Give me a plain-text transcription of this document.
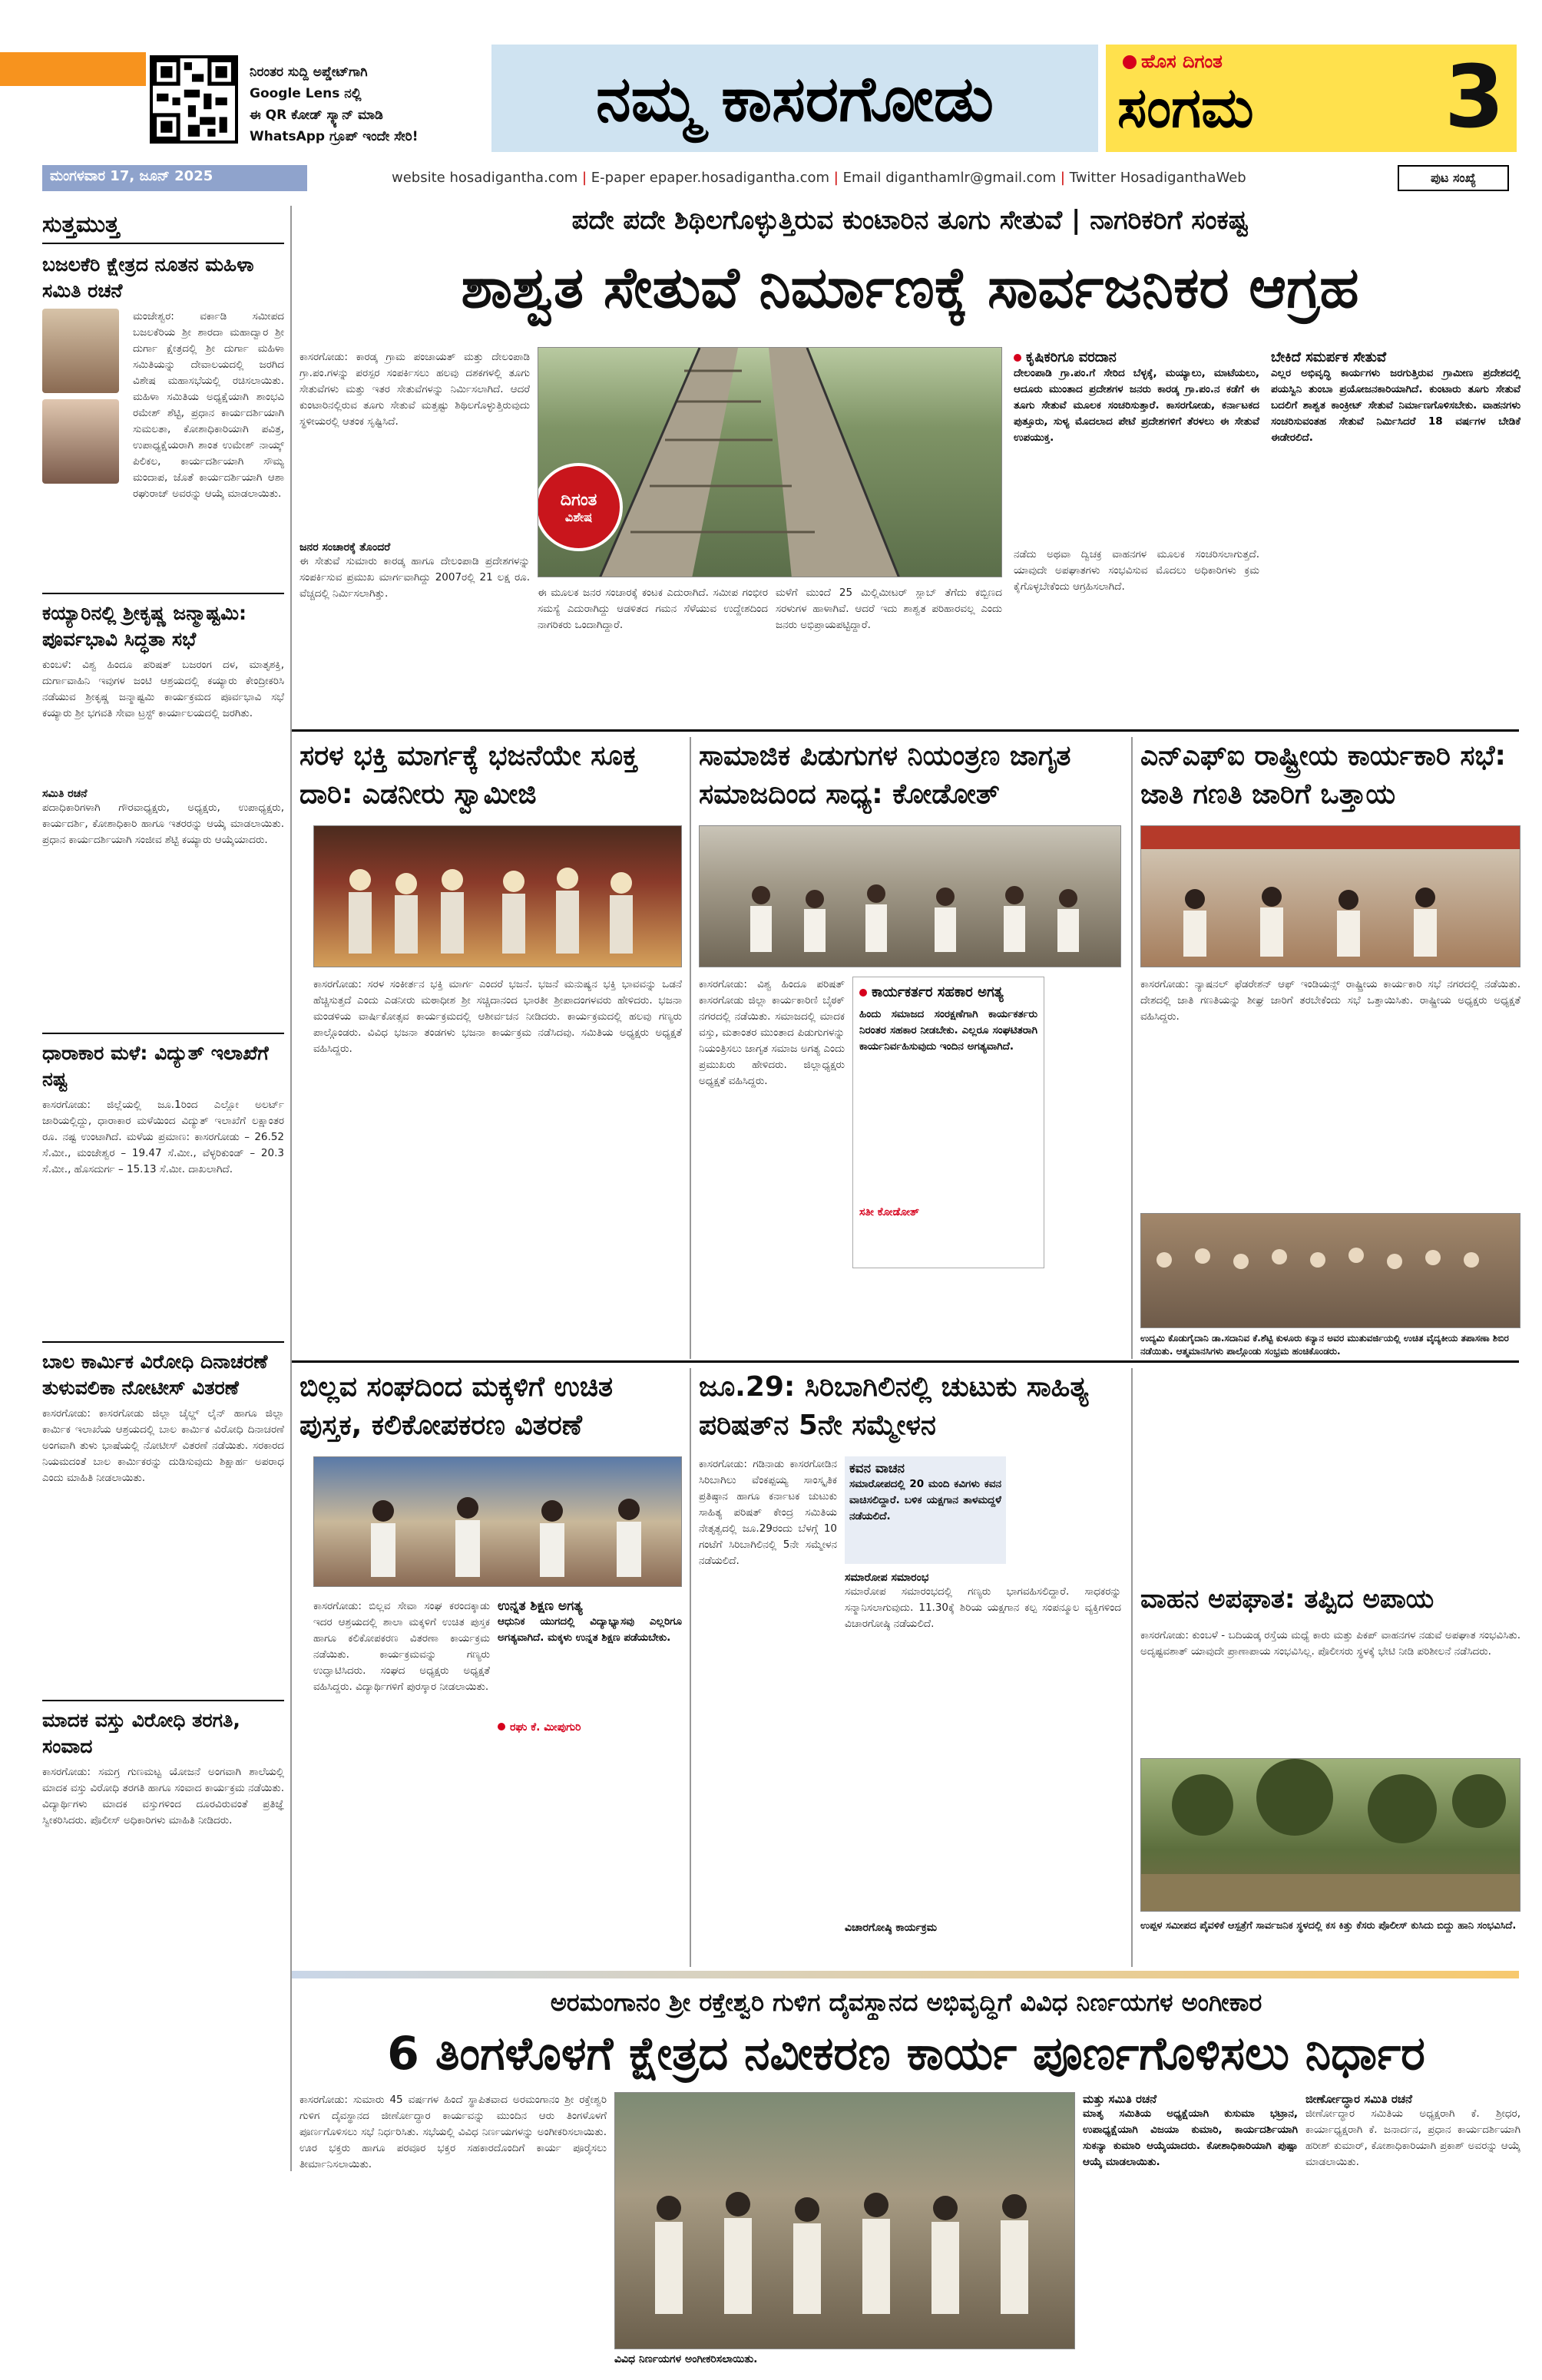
ನಿರಂತರ ಸುದ್ದಿ ಅಪ್ಡೇಟ್‌ಗಾಗಿ
Google Lens ನಲ್ಲಿ
ಈ QR ಕೋಡ್ ಸ್ಕ್ಯಾನ್ ಮಾಡಿ
WhatsApp ಗ್ರೂಪ್ ಇಂದೇ ಸೇರಿ!
ನಮ್ಮ ಕಾಸರಗೋಡು
ಹೊಸ ದಿಗಂತ
ಸಂಗಮ 3
ಮಂಗಳವಾರ 17, ಜೂನ್ 2025	website hosadigantha.com | E-paper epaper.hosadigantha.com | Email diganthamlr@gmail.com | Twitter HosadiganthaWeb	ಪುಟ ಸಂಖ್ಯೆ
ಸುತ್ತಮುತ್ತ
ಬಜಲಕೆರಿ ಕ್ಷೇತ್ರದ ನೂತನ ಮಹಿಳಾ ಸಮಿತಿ ರಚನೆ
ಮಂಜೇಶ್ವರ: ವರ್ಕಾಡಿ ಸಮೀಪದ ಬಜಲಕೆರಿಯ ಶ್ರೀ ಶಾರದಾ ಮಹಾದ್ವಾರ ಶ್ರೀ ದುರ್ಗಾ ಕ್ಷೇತ್ರದಲ್ಲಿ ಶ್ರೀ ದುರ್ಗಾ ಮಹಿಳಾ ಸಮಿತಿಯನ್ನು ದೇವಾಲಯದಲ್ಲಿ ಜರಗಿದ ವಿಶೇಷ ಮಹಾಸಭೆಯಲ್ಲಿ ರಚಿಸಲಾಯಿತು. ಮಹಿಳಾ ಸಮಿತಿಯ ಅಧ್ಯಕ್ಷೆಯಾಗಿ ಶಾಂಭವಿ ರಮೇಶ್ ಶೆಟ್ಟಿ, ಪ್ರಧಾನ ಕಾರ್ಯದರ್ಶಿಯಾಗಿ ಸುಮಲತಾ, ಕೋಶಾಧಿಕಾರಿಯಾಗಿ ಪವಿತ್ರ, ಉಪಾಧ್ಯಕ್ಷೆಯರಾಗಿ ಶಾಂತ ಉಮೇಶ್ ನಾಯ್ಕ್ ಪಿಲಿಕಲ, ಕಾರ್ಯದರ್ಶಿಯಾಗಿ ಸೌಮ್ಯ ಮಂದಾಪ, ಜೊತೆ ಕಾರ್ಯದರ್ಶಿಯಾಗಿ ಆಶಾ ರಘುರಾಜ್ ಅವರನ್ನು ಆಯ್ಕೆ ಮಾಡಲಾಯಿತು.
ಕಯ್ಯಾರಿನಲ್ಲಿ ಶ್ರೀಕೃಷ್ಣ ಜನ್ಮಾಷ್ಟಮಿ: ಪೂರ್ವಭಾವಿ ಸಿದ್ಧತಾ ಸಭೆ
ಕುಂಬಳೆ: ವಿಶ್ವ ಹಿಂದೂ ಪರಿಷತ್ ಬಜರಂಗ ದಳ, ಮಾತೃಶಕ್ತಿ, ದುರ್ಗಾವಾಹಿನಿ ಇವುಗಳ ಜಂಟಿ ಆಶ್ರಯದಲ್ಲಿ ಕಯ್ಯಾರು ಕೇಂದ್ರೀಕರಿಸಿ ನಡೆಯುವ ಶ್ರೀಕೃಷ್ಣ ಜನ್ಮಾಷ್ಟಮಿ ಕಾರ್ಯಕ್ರಮದ ಪೂರ್ವಭಾವಿ ಸಭೆ ಕಯ್ಯಾರು ಶ್ರೀ ಭಗವತಿ ಸೇವಾ ಟ್ರಸ್ಟ್ ಕಾರ್ಯಾಲಯದಲ್ಲಿ ಜರಗಿತು.
ಸಮಿತಿ ರಚನೆ
ಪದಾಧಿಕಾರಿಗಳಾಗಿ ಗೌರವಾಧ್ಯಕ್ಷರು, ಅಧ್ಯಕ್ಷರು, ಉಪಾಧ್ಯಕ್ಷರು, ಕಾರ್ಯದರ್ಶಿ, ಕೋಶಾಧಿಕಾರಿ ಹಾಗೂ ಇತರರನ್ನು ಆಯ್ಕೆ ಮಾಡಲಾಯಿತು. ಪ್ರಧಾನ ಕಾರ್ಯದರ್ಶಿಯಾಗಿ ಸಂಜೀವ ಶೆಟ್ಟಿ ಕಯ್ಯಾರು ಆಯ್ಕೆಯಾದರು.
ಧಾರಾಕಾರ ಮಳೆ: ವಿದ್ಯುತ್ ಇಲಾಖೆಗೆ ನಷ್ಟ
ಕಾಸರಗೋಡು: ಜಿಲ್ಲೆಯಲ್ಲಿ ಜೂ.1ರಿಂದ ಎಲ್ಲೋ ಅಲರ್ಟ್ ಜಾರಿಯಲ್ಲಿದ್ದು, ಧಾರಾಕಾರ ಮಳೆಯಿಂದ ವಿದ್ಯುತ್ ಇಲಾಖೆಗೆ ಲಕ್ಷಾಂತರ ರೂ. ನಷ್ಟ ಉಂಟಾಗಿದೆ. ಮಳೆಯ ಪ್ರಮಾಣ: ಕಾಸರಗೋಡು – 26.52 ಸೆ.ಮೀ., ಮಂಜೇಶ್ವರ – 19.47 ಸೆ.ಮೀ., ವೆಳ್ಳರಿಕುಂಡ್ – 20.3 ಸೆ.ಮೀ., ಹೊಸದುರ್ಗ – 15.13 ಸೆ.ಮೀ. ದಾಖಲಾಗಿದೆ.
ಬಾಲ ಕಾರ್ಮಿಕ ವಿರೋಧಿ ದಿನಾಚರಣೆ ತುಳುವಲಿಕಾ ನೋಟೀಸ್ ವಿತರಣೆ
ಕಾಸರಗೋಡು: ಕಾಸರಗೋಡು ಜಿಲ್ಲಾ ಚೈಲ್ಡ್ ಲೈನ್ ಹಾಗೂ ಜಿಲ್ಲಾ ಕಾರ್ಮಿಕ ಇಲಾಖೆಯ ಆಶ್ರಯದಲ್ಲಿ ಬಾಲ ಕಾರ್ಮಿಕ ವಿರೋಧಿ ದಿನಾಚರಣೆ ಅಂಗವಾಗಿ ತುಳು ಭಾಷೆಯಲ್ಲಿ ನೋಟೀಸ್ ವಿತರಣೆ ನಡೆಯಿತು. ಸರಕಾರದ ನಿಯಮದಂತೆ ಬಾಲ ಕಾರ್ಮಿಕರನ್ನು ದುಡಿಸುವುದು ಶಿಕ್ಷಾರ್ಹ ಅಪರಾಧ ಎಂದು ಮಾಹಿತಿ ನೀಡಲಾಯಿತು.
ಮಾದಕ ವಸ್ತು ವಿರೋಧಿ ತರಗತಿ, ಸಂವಾದ
ಕಾಸರಗೋಡು: ಸಮಗ್ರ ಗುಣಮಟ್ಟ ಯೋಜನೆ ಅಂಗವಾಗಿ ಶಾಲೆಯಲ್ಲಿ ಮಾದಕ ವಸ್ತು ವಿರೋಧಿ ತರಗತಿ ಹಾಗೂ ಸಂವಾದ ಕಾರ್ಯಕ್ರಮ ನಡೆಯಿತು. ವಿದ್ಯಾರ್ಥಿಗಳು ಮಾದಕ ವಸ್ತುಗಳಿಂದ ದೂರವಿರುವಂತೆ ಪ್ರತಿಜ್ಞೆ ಸ್ವೀಕರಿಸಿದರು. ಪೊಲೀಸ್ ಅಧಿಕಾರಿಗಳು ಮಾಹಿತಿ ನೀಡಿದರು.
ಪದೇ ಪದೇ ಶಿಥಿಲಗೊಳ್ಳುತ್ತಿರುವ ಕುಂಟಾರಿನ ತೂಗು ಸೇತುವೆ | ನಾಗರಿಕರಿಗೆ ಸಂಕಷ್ಟ
ಶಾಶ್ವತ ಸೇತುವೆ ನಿರ್ಮಾಣಕ್ಕೆ ಸಾರ್ವಜನಿಕರ ಆಗ್ರಹ
ಕಾಸರಗೋಡು: ಕಾರಡ್ಕ ಗ್ರಾಮ ಪಂಚಾಯತ್ ಮತ್ತು ದೇಲಂಪಾಡಿ ಗ್ರಾ.ಪಂ.ಗಳನ್ನು ಪರಸ್ಪರ ಸಂಪರ್ಕಿಸಲು ಹಲವು ದಶಕಗಳಲ್ಲಿ ತೂಗು ಸೇತುವೆಗಳು ಮತ್ತು ಇತರ ಸೇತುವೆಗಳನ್ನು ನಿರ್ಮಿಸಲಾಗಿದೆ. ಆದರೆ ಕುಂಟಾರಿನಲ್ಲಿರುವ ತೂಗು ಸೇತುವೆ ಮತ್ತಷ್ಟು ಶಿಥಿಲಗೊಳ್ಳುತ್ತಿರುವುದು ಸ್ಥಳೀಯರಲ್ಲಿ ಆತಂಕ ಸೃಷ್ಟಿಸಿದೆ.
ಜನರ ಸಂಚಾರಕ್ಕೆ ತೊಂದರೆ
ಈ ಸೇತುವೆ ಸುಮಾರು ಕಾರಡ್ಕ ಹಾಗೂ ದೇಲಂಪಾಡಿ ಪ್ರದೇಶಗಳನ್ನು ಸಂಪರ್ಕಿಸುವ ಪ್ರಮುಖ ಮಾರ್ಗವಾಗಿದ್ದು 2007ರಲ್ಲಿ 21 ಲಕ್ಷ ರೂ. ವೆಚ್ಚದಲ್ಲಿ ನಿರ್ಮಿಸಲಾಗಿತ್ತು.
ದಿಗಂತ
ವಿಶೇಷ
ಈ ಮೂಲಕ ಜನರ ಸಂಚಾರಕ್ಕೆ ಕಂಟಕ ಎದುರಾಗಿದೆ. ಸಮೀಪ ಗಂಭೀರ ಸಮಸ್ಯೆ ಎದುರಾಗಿದ್ದು ಆಡಳಿತದ ಗಮನ ಸೆಳೆಯುವ ಉದ್ದೇಶದಿಂದ ನಾಗರಿಕರು ಒಂದಾಗಿದ್ದಾರೆ.
ಮಳೆಗೆ ಮುಂದೆ 25 ಮಿಲ್ಲಿಮೀಟರ್ ಸ್ಲಾಬ್ ತೆಗೆದು ಕಬ್ಬಿಣದ ಸರಳುಗಳ ಹಾಳಾಗಿವೆ. ಆದರೆ ಇದು ಶಾಶ್ವತ ಪರಿಹಾರವಲ್ಲ ಎಂದು ಜನರು ಅಭಿಪ್ರಾಯಪಟ್ಟಿದ್ದಾರೆ.
ಕೃಷಿಕರಿಗೂ ವರದಾನ
ದೇಲಂಪಾಡಿ ಗ್ರಾ.ಪಂ.ಗೆ ಸೇರಿದ ಬೆಳ್ಳಕ್ಕೆ, ಮಯ್ಯಾಲು, ಮಾಟೆಯಲು, ಆದೂರು ಮುಂತಾದ ಪ್ರದೇಶಗಳ ಜನರು ಕಾರಡ್ಕ ಗ್ರಾ.ಪಂ.ನ ಕಡೆಗೆ ಈ ತೂಗು ಸೇತುವೆ ಮೂಲಕ ಸಂಚರಿಸುತ್ತಾರೆ. ಕಾಸರಗೋಡು, ಕರ್ನಾಟಕದ ಪುತ್ತೂರು, ಸುಳ್ಯ ಮೊದಲಾದ ಪೇಟೆ ಪ್ರದೇಶಗಳಿಗೆ ತೆರಳಲು ಈ ಸೇತುವೆ ಉಪಯುಕ್ತ.
ನಡೆದು ಅಥವಾ ದ್ವಿಚಕ್ರ ವಾಹನಗಳ ಮೂಲಕ ಸಂಚರಿಸಲಾಗುತ್ತದೆ. ಯಾವುದೇ ಅಪಘಾತಗಳು ಸಂಭವಿಸುವ ಮೊದಲು ಅಧಿಕಾರಿಗಳು ಕ್ರಮ ಕೈಗೊಳ್ಳಬೇಕೆಂದು ಆಗ್ರಹಿಸಲಾಗಿದೆ.
ಬೇಕಿದೆ ಸಮರ್ಪಕ ಸೇತುವೆ
ಎಲ್ಲರ ಅಭಿವೃದ್ಧಿ ಕಾರ್ಯಗಳು ಜರಗುತ್ತಿರುವ ಗ್ರಾಮೀಣ ಪ್ರದೇಶದಲ್ಲಿ ಪಯಸ್ವಿನಿ ತುಂಬಾ ಪ್ರಯೋಜನಕಾರಿಯಾಗಿದೆ. ಕುಂಟಾರು ತೂಗು ಸೇತುವೆ ಬದಲಿಗೆ ಶಾಶ್ವತ ಕಾಂಕ್ರೀಟ್ ಸೇತುವೆ ನಿರ್ಮಾಣಗೊಳಿಸಬೇಕು. ವಾಹನಗಳು ಸಂಚರಿಸುವಂತಹ ಸೇತುವೆ ನಿರ್ಮಿಸಿದರೆ 18 ವರ್ಷಗಳ ಬೇಡಿಕೆ ಈಡೇರಲಿದೆ.
ಸರಳ ಭಕ್ತಿ ಮಾರ್ಗಕ್ಕೆ ಭಜನೆಯೇ ಸೂಕ್ತ ದಾರಿ: ಎಡನೀರು ಸ್ವಾಮೀಜಿ
ಕಾಸರಗೋಡು: ಸರಳ ಸಂಕೀರ್ತನ ಭಕ್ತಿ ಮಾರ್ಗ ಎಂದರೆ ಭಜನೆ. ಭಜನೆ ಮನುಷ್ಯನ ಭಕ್ತಿ ಭಾವವನ್ನು ಒಡನೆ ಹೆಚ್ಚಿಸುತ್ತದೆ ಎಂದು ಎಡನೀರು ಮಠಾಧೀಶ ಶ್ರೀ ಸಚ್ಚಿದಾನಂದ ಭಾರತೀ ಶ್ರೀಪಾದಂಗಳವರು ಹೇಳಿದರು. ಭಜನಾ ಮಂಡಳಿಯ ವಾರ್ಷಿಕೋತ್ಸವ ಕಾರ್ಯಕ್ರಮದಲ್ಲಿ ಆಶೀರ್ವಚನ ನೀಡಿದರು. ಕಾರ್ಯಕ್ರಮದಲ್ಲಿ ಹಲವು ಗಣ್ಯರು ಪಾಲ್ಗೊಂಡರು. ವಿವಿಧ ಭಜನಾ ತಂಡಗಳು ಭಜನಾ ಕಾರ್ಯಕ್ರಮ ನಡೆಸಿದವು. ಸಮಿತಿಯ ಅಧ್ಯಕ್ಷರು ಅಧ್ಯಕ್ಷತೆ ವಹಿಸಿದ್ದರು.
ಸಾಮಾಜಿಕ ಪಿಡುಗುಗಳ ನಿಯಂತ್ರಣ ಜಾಗೃತ ಸಮಾಜದಿಂದ ಸಾಧ್ಯ: ಕೋಡೋತ್
ಕಾಸರಗೋಡು: ವಿಶ್ವ ಹಿಂದೂ ಪರಿಷತ್ ಕಾಸರಗೋಡು ಜಿಲ್ಲಾ ಕಾರ್ಯಕಾರಿಣಿ ಬೈಠಕ್ ನಗರದಲ್ಲಿ ನಡೆಯಿತು. ಸಮಾಜದಲ್ಲಿ ಮಾದಕ ವಸ್ತು, ಮತಾಂತರ ಮುಂತಾದ ಪಿಡುಗುಗಳನ್ನು ನಿಯಂತ್ರಿಸಲು ಜಾಗೃತ ಸಮಾಜ ಅಗತ್ಯ ಎಂದು ಪ್ರಮುಖರು ಹೇಳಿದರು. ಜಿಲ್ಲಾಧ್ಯಕ್ಷರು ಅಧ್ಯಕ್ಷತೆ ವಹಿಸಿದ್ದರು.
ಕಾರ್ಯಕರ್ತರ ಸಹಕಾರ ಅಗತ್ಯ
ಹಿಂದು ಸಮಾಜದ ಸಂರಕ್ಷಣೆಗಾಗಿ ಕಾರ್ಯಕರ್ತರು ನಿರಂತರ ಸಹಕಾರ ನೀಡಬೇಕು. ಎಲ್ಲರೂ ಸಂಘಟಿತರಾಗಿ ಕಾರ್ಯನಿರ್ವಹಿಸುವುದು ಇಂದಿನ ಅಗತ್ಯವಾಗಿದೆ.
ಸತೀ ಕೋಡೋತ್
ಎನ್‌ಎಫ್‌ಐ ರಾಷ್ಟ್ರೀಯ ಕಾರ್ಯಕಾರಿ ಸಭೆ: ಜಾತಿ ಗಣತಿ ಜಾರಿಗೆ ಒತ್ತಾಯ
ಕಾಸರಗೋಡು: ನ್ಯಾಷನಲ್ ಫೆಡರೇಶನ್ ಆಫ್ ಇಂಡಿಯನ್ಸ್ ರಾಷ್ಟ್ರೀಯ ಕಾರ್ಯಕಾರಿ ಸಭೆ ನಗರದಲ್ಲಿ ನಡೆಯಿತು. ದೇಶದಲ್ಲಿ ಜಾತಿ ಗಣತಿಯನ್ನು ಶೀಘ್ರ ಜಾರಿಗೆ ತರಬೇಕೆಂದು ಸಭೆ ಒತ್ತಾಯಿಸಿತು. ರಾಷ್ಟ್ರೀಯ ಅಧ್ಯಕ್ಷರು ಅಧ್ಯಕ್ಷತೆ ವಹಿಸಿದ್ದರು.
ಉದ್ಯಮಿ ಕೊಡುಗೈದಾನಿ ಡಾ.ಸದಾನಿವ ಕೆ.ಶೆಟ್ಟಿ ಕುಳೂರು ಕನ್ಯಾನ ಅವರ ಮುತುವರ್ಜಿಯಲ್ಲಿ ಉಚಿತ ವೈದ್ಯಕೀಯ ತಪಾಸಣಾ ಶಿಬಿರ ನಡೆಯಿತು. ಆತ್ಮಮಾನಸಿಗಳು ಪಾಲ್ಗೊಂಡು ಸಂಭ್ರಮ ಹಂಚಿಕೊಂಡರು.
ಬಿಲ್ಲವ ಸಂಘದಿಂದ ಮಕ್ಕಳಿಗೆ ಉಚಿತ ಪುಸ್ತಕ, ಕಲಿಕೋಪಕರಣ ವಿತರಣೆ
ಕಾಸರಗೋಡು: ಬಿಲ್ಲವ ಸೇವಾ ಸಂಘ ಕರಂದಕ್ಕಾಡು ಇದರ ಆಶ್ರಯದಲ್ಲಿ ಶಾಲಾ ಮಕ್ಕಳಿಗೆ ಉಚಿತ ಪುಸ್ತಕ ಹಾಗೂ ಕಲಿಕೋಪಕರಣ ವಿತರಣಾ ಕಾರ್ಯಕ್ರಮ ನಡೆಯಿತು. ಕಾರ್ಯಕ್ರಮವನ್ನು ಗಣ್ಯರು ಉದ್ಘಾಟಿಸಿದರು. ಸಂಘದ ಅಧ್ಯಕ್ಷರು ಅಧ್ಯಕ್ಷತೆ ವಹಿಸಿದ್ದರು. ವಿದ್ಯಾರ್ಥಿಗಳಿಗೆ ಪುರಸ್ಕಾರ ನೀಡಲಾಯಿತು.
ಉನ್ನತ ಶಿಕ್ಷಣ ಅಗತ್ಯ
ಆಧುನಿಕ ಯುಗದಲ್ಲಿ ವಿದ್ಯಾಭ್ಯಾಸವು ಎಲ್ಲರಿಗೂ ಅಗತ್ಯವಾಗಿದೆ. ಮಕ್ಕಳು ಉನ್ನತ ಶಿಕ್ಷಣ ಪಡೆಯಬೇಕು.
ರಘು ಕೆ. ಮೀಪುಗುರಿ
ಜೂ.29: ಸಿರಿಬಾಗಿಲಿನಲ್ಲಿ ಚುಟುಕು ಸಾಹಿತ್ಯ ಪರಿಷತ್‌ನ 5ನೇ ಸಮ್ಮೇಳನ
ಕಾಸರಗೋಡು: ಗಡಿನಾಡು ಕಾಸರಗೋಡಿನ ಸಿರಿಬಾಗಿಲು ವೆಂಕಪ್ಪಯ್ಯ ಸಾಂಸ್ಕೃತಿಕ ಪ್ರತಿಷ್ಠಾನ ಹಾಗೂ ಕರ್ನಾಟಕ ಚುಟುಕು ಸಾಹಿತ್ಯ ಪರಿಷತ್ ಕೇಂದ್ರ ಸಮಿತಿಯ ನೇತೃತ್ವದಲ್ಲಿ ಜೂ.29ರಂದು ಬೆಳಗ್ಗೆ 10 ಗಂಟೆಗೆ ಸಿರಿಬಾಗಿಲಿನಲ್ಲಿ 5ನೇ ಸಮ್ಮೇಳನ ನಡೆಯಲಿದೆ.
ಕವನ ವಾಚನ
ಸಮಾರೋಪದಲ್ಲಿ 20 ಮಂದಿ ಕವಿಗಳು ಕವನ ವಾಚಿಸಲಿದ್ದಾರೆ. ಬಳಿಕ ಯಕ್ಷಗಾನ ತಾಳಮದ್ದಳೆ ನಡೆಯಲಿದೆ.
ಸಮಾರೋಪ ಸಮಾರಂಭ
ಸಮಾರೋಪ ಸಮಾರಂಭದಲ್ಲಿ ಗಣ್ಯರು ಭಾಗವಹಿಸಲಿದ್ದಾರೆ. ಸಾಧಕರನ್ನು ಸನ್ಮಾನಿಸಲಾಗುವುದು. 11.30ಕ್ಕೆ ಶಿರಿಯ ಯಕ್ಷಗಾನ ಕಲ್ಪ ಸಂಪನ್ಮೂಲ ವ್ಯಕ್ತಿಗಳಿಂದ ವಿಚಾರಗೋಷ್ಠಿ ನಡೆಯಲಿದೆ.
ವಿಚಾರಗೋಷ್ಠಿ ಕಾರ್ಯಕ್ರಮ
ವಾಹನ ಅಪಘಾತ: ತಪ್ಪಿದ ಅಪಾಯ
ಕಾಸರಗೋಡು: ಕುಂಬಳೆ - ಬದಿಯಡ್ಕ ರಸ್ತೆಯ ಮಧ್ಯೆ ಕಾರು ಮತ್ತು ಪಿಕಪ್ ವಾಹನಗಳ ನಡುವೆ ಅಪಘಾತ ಸಂಭವಿಸಿತು. ಅದೃಷ್ಟವಶಾತ್ ಯಾವುದೇ ಪ್ರಾಣಾಪಾಯ ಸಂಭವಿಸಿಲ್ಲ. ಪೊಲೀಸರು ಸ್ಥಳಕ್ಕೆ ಭೇಟಿ ನೀಡಿ ಪರಿಶೀಲನೆ ನಡೆಸಿದರು.
ಉಪ್ಪಳ ಸಮೀಪದ ಪೈವಳಿಕೆ ಆಸ್ಪತ್ರೆಗೆ ಸಾರ್ವಜನಿಕ ಸ್ಥಳದಲ್ಲಿ ಕಸ ಕಿತ್ತು ಕೆಸರು ಪೊಲೀಸ್‌ ಕುಸಿದು ಬಿದ್ದು ಹಾನಿ ಸಂಭವಿಸಿದೆ.
ಅರಮಂಗಾನಂ ಶ್ರೀ ರಕ್ತೇಶ್ವರಿ ಗುಳಿಗ ದೈವಸ್ಥಾನದ ಅಭಿವೃದ್ಧಿಗೆ ವಿವಿಧ ನಿರ್ಣಯಗಳ ಅಂಗೀಕಾರ
6 ತಿಂಗಳೊಳಗೆ ಕ್ಷೇತ್ರದ ನವೀಕರಣ ಕಾರ್ಯ ಪೂರ್ಣಗೊಳಿಸಲು ನಿರ್ಧಾರ
ಕಾಸರಗೋಡು: ಸುಮಾರು 45 ವರ್ಷಗಳ ಹಿಂದೆ ಸ್ಥಾಪಿತವಾದ ಅರಮಂಗಾನಂ ಶ್ರೀ ರಕ್ತೇಶ್ವರಿ ಗುಳಿಗ ದೈವಸ್ಥಾನದ ಜೀರ್ಣೋದ್ಧಾರ ಕಾರ್ಯವನ್ನು ಮುಂದಿನ ಆರು ತಿಂಗಳೊಳಗೆ ಪೂರ್ಣಗೊಳಿಸಲು ಸಭೆ ನಿರ್ಧರಿಸಿತು. ಸಭೆಯಲ್ಲಿ ವಿವಿಧ ನಿರ್ಣಯಗಳನ್ನು ಅಂಗೀಕರಿಸಲಾಯಿತು. ಊರ ಭಕ್ತರು ಹಾಗೂ ಪರವೂರ ಭಕ್ತರ ಸಹಕಾರದೊಂದಿಗೆ ಕಾರ್ಯ ಪೂರೈಸಲು ತೀರ್ಮಾನಿಸಲಾಯಿತು.
ವಿವಿಧ ನಿರ್ಣಯಗಳ ಅಂಗೀಕರಿಸಲಾಯಿತು.
ಮತ್ತು ಸಮಿತಿ ರಚನೆ
ಮಾತೃ ಸಮಿತಿಯ ಅಧ್ಯಕ್ಷೆಯಾಗಿ ಕುಸುಮಾ ಭಟ್ರಾನ, ಉಪಾಧ್ಯಕ್ಷೆಯಾಗಿ ವಿಜಯಾ ಕುಮಾರಿ, ಕಾರ್ಯದರ್ಶಿಯಾಗಿ ಸುಕನ್ಯಾ ಕುಮಾರಿ ಆಯ್ಕೆಯಾದರು. ಕೋಶಾಧಿಕಾರಿಯಾಗಿ ಪುಷ್ಪಾ ಆಯ್ಕೆ ಮಾಡಲಾಯಿತು.
ಜೀರ್ಣೋದ್ಧಾರ ಸಮಿತಿ ರಚನೆ
ಜೀರ್ಣೋದ್ಧಾರ ಸಮಿತಿಯ ಅಧ್ಯಕ್ಷರಾಗಿ ಕೆ. ಶ್ರೀಧರ, ಕಾರ್ಯಾಧ್ಯಕ್ಷರಾಗಿ ಕೆ. ಜನಾರ್ದನ, ಪ್ರಧಾನ ಕಾರ್ಯದರ್ಶಿಯಾಗಿ ಹರೀಶ್ ಕುಮಾರ್, ಕೋಶಾಧಿಕಾರಿಯಾಗಿ ಪ್ರಕಾಶ್ ಅವರನ್ನು ಆಯ್ಕೆ ಮಾಡಲಾಯಿತು.
